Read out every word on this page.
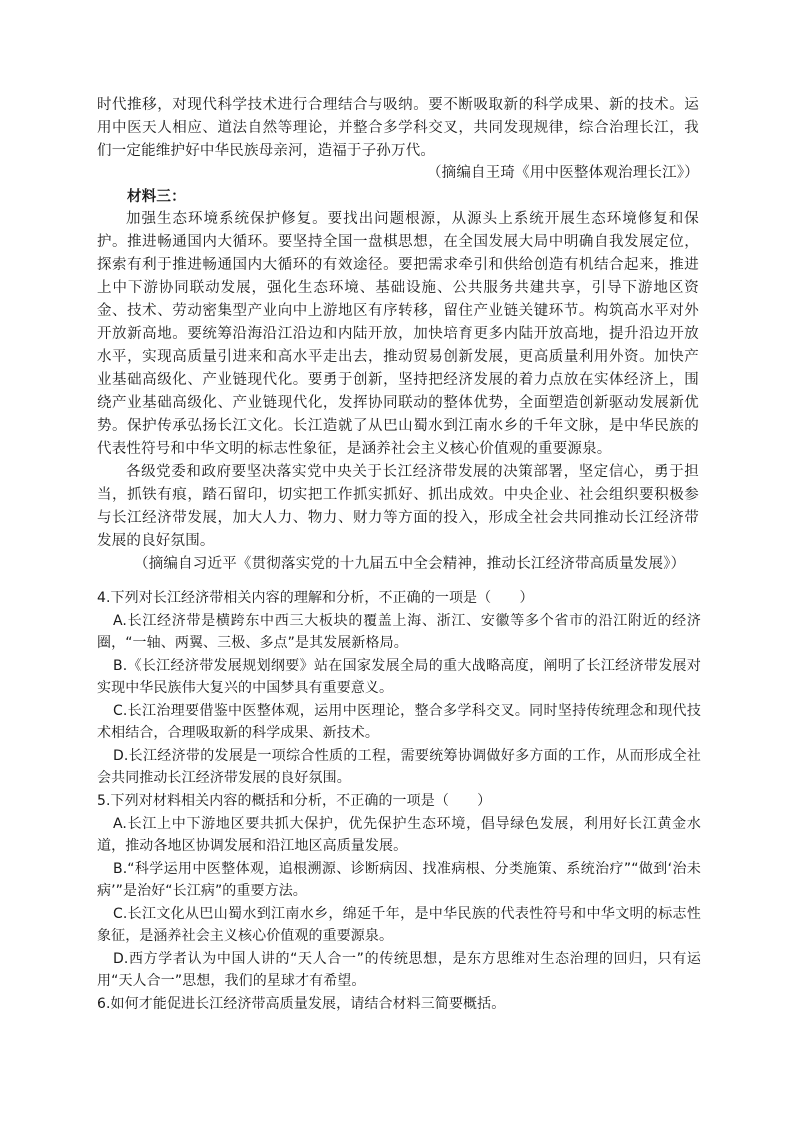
时代推移，对现代科学技术进行合理结合与吸纳。要不断吸取新的科学成果、新的技术。运用中医天人相应、道法自然等理论，并整合多学科交叉，共同发现规律，综合治理长江，我们一定能维护好中华民族母亲河，造福于子孙万代。

（摘编自王琦《用中医整体观治理长江》）

材料三：

加强生态环境系统保护修复。要找出问题根源，从源头上系统开展生态环境修复和保护。推进畅通国内大循环。要坚持全国一盘棋思想，在全国发展大局中明确自我发展定位，探索有利于推进畅通国内大循环的有效途径。要把需求牵引和供给创造有机结合起来，推进上中下游协同联动发展，强化生态环境、基础设施、公共服务共建共享，引导下游地区资金、技术、劳动密集型产业向中上游地区有序转移，留住产业链关键环节。构筑高水平对外开放新高地。要统筹沿海沿江沿边和内陆开放，加快培育更多内陆开放高地，提升沿边开放水平，实现高质量引进来和高水平走出去，推动贸易创新发展，更高质量利用外资。加快产业基础高级化、产业链现代化。要勇于创新，坚持把经济发展的着力点放在实体经济上，围绕产业基础高级化、产业链现代化，发挥协同联动的整体优势，全面塑造创新驱动发展新优势。保护传承弘扬长江文化。长江造就了从巴山蜀水到江南水乡的千年文脉，是中华民族的代表性符号和中华文明的标志性象征，是涵养社会主义核心价值观的重要源泉。

各级党委和政府要坚决落实党中央关于长江经济带发展的决策部署，坚定信心，勇于担当，抓铁有痕，踏石留印，切实把工作抓实抓好、抓出成效。中央企业、社会组织要积极参与长江经济带发展，加大人力、物力、财力等方面的投入，形成全社会共同推动长江经济带发展的良好氛围。

（摘编自习近平《贯彻落实党的十九届五中全会精神，推动长江经济带高质量发展》）

4.下列对长江经济带相关内容的理解和分析，不正确的一项是（　　）

A.长江经济带是横跨东中西三大板块的覆盖上海、浙江、安徽等多个省市的沿江附近的经济圈，“一轴、两翼、三极、多点”是其发展新格局。

B.《长江经济带发展规划纲要》站在国家发展全局的重大战略高度，阐明了长江经济带发展对实现中华民族伟大复兴的中国梦具有重要意义。

C.长江治理要借鉴中医整体观，运用中医理论，整合多学科交叉。同时坚持传统理念和现代技术相结合，合理吸取新的科学成果、新技术。

D.长江经济带的发展是一项综合性质的工程，需要统筹协调做好多方面的工作，从而形成全社会共同推动长江经济带发展的良好氛围。

5.下列对材料相关内容的概括和分析，不正确的一项是（　　）

A.长江上中下游地区要共抓大保护，优先保护生态环境，倡导绿色发展，利用好长江黄金水道，推动各地区协调发展和沿江地区高质量发展。

B.“科学运用中医整体观，追根溯源、诊断病因、找准病根、分类施策、系统治疗”“做到‘治未病’”是治好“长江病”的重要方法。

C.长江文化从巴山蜀水到江南水乡，绵延千年，是中华民族的代表性符号和中华文明的标志性象征，是涵养社会主义核心价值观的重要源泉。

D.西方学者认为中国人讲的“天人合一”的传统思想，是东方思维对生态治理的回归，只有运用“天人合一”思想，我们的星球才有希望。

6.如何才能促进长江经济带高质量发展，请结合材料三简要概括。
